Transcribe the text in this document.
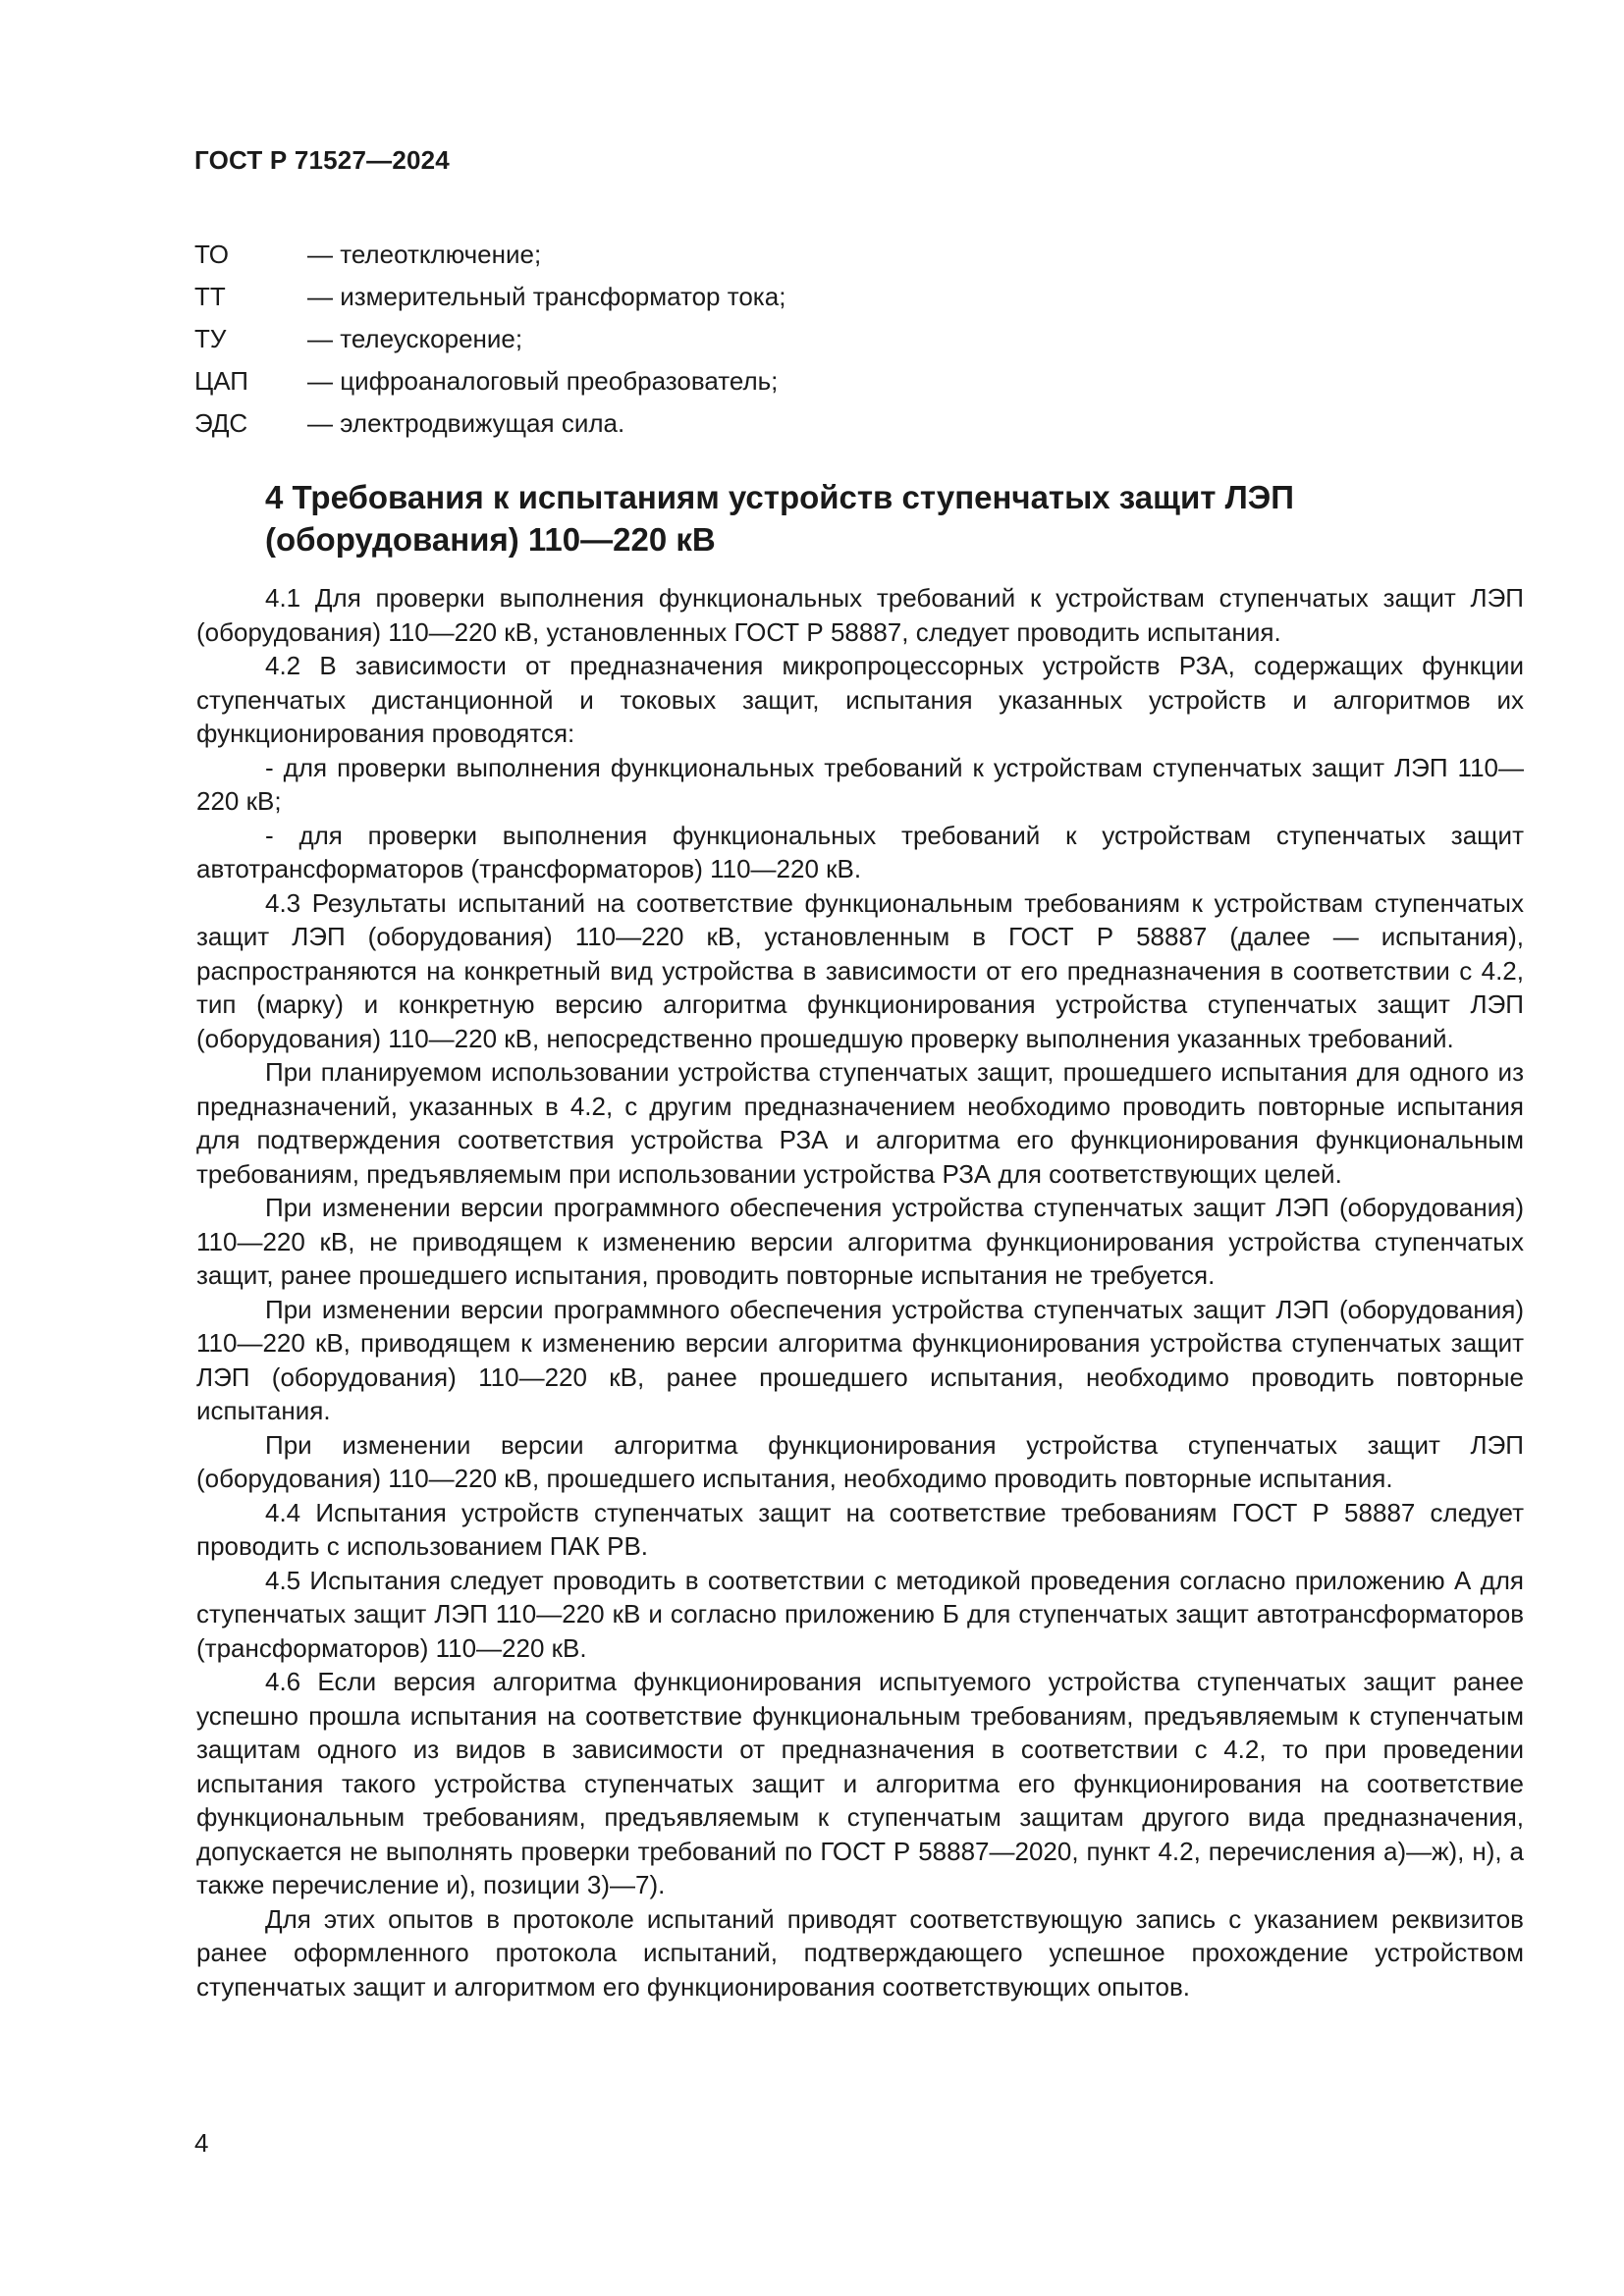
ГОСТ Р 71527—2024
ТО	— телеотключение;
ТТ	— измерительный трансформатор тока;
ТУ	— телеускорение;
ЦАП — цифроаналоговый преобразователь;
ЭДС — электродвижущая сила.
4 Требования к испытаниям устройств ступенчатых защит ЛЭП (оборудования) 110—220 кВ

4.1 Для проверки выполнения функциональных требований к устройствам ступенчатых защит ЛЭП (оборудования) 110—220 кВ, установленных ГОСТ Р 58887, следует проводить испытания.

4.2 В зависимости от предназначения микропроцессорных устройств РЗА, содержащих функции ступенчатых дистанционной и токовых защит, испытания указанных устройств и алгоритмов их функционирования проводятся:

- для проверки выполнения функциональных требований к устройствам ступенчатых защит ЛЭП 110—220 кВ;

- для проверки выполнения функциональных требований к устройствам ступенчатых защит автотрансформаторов (трансформаторов) 110—220 кВ.

4.3 Результаты испытаний на соответствие функциональным требованиям к устройствам ступенчатых защит ЛЭП (оборудования) 110—220 кВ, установленным в ГОСТ Р 58887 (далее — испытания), распространяются на конкретный вид устройства в зависимости от его предназначения в соответствии с 4.2, тип (марку) и конкретную версию алгоритма функционирования устройства ступенчатых защит ЛЭП (оборудования) 110—220 кВ, непосредственно прошедшую проверку выполнения указанных требований.

При планируемом использовании устройства ступенчатых защит, прошедшего испытания для одного из предназначений, указанных в 4.2, с другим предназначением необходимо проводить повторные испытания для подтверждения соответствия устройства РЗА и алгоритма его функционирования функциональным требованиям, предъявляемым при использовании устройства РЗА для соответствующих целей.

При изменении версии программного обеспечения устройства ступенчатых защит ЛЭП (оборудования) 110—220 кВ, не приводящем к изменению версии алгоритма функционирования устройства ступенчатых защит, ранее прошедшего испытания, проводить повторные испытания не требуется.

При изменении версии программного обеспечения устройства ступенчатых защит ЛЭП (оборудования) 110—220 кВ, приводящем к изменению версии алгоритма функционирования устройства ступенчатых защит ЛЭП (оборудования) 110—220 кВ, ранее прошедшего испытания, необходимо проводить повторные испытания.

При изменении версии алгоритма функционирования устройства ступенчатых защит ЛЭП (оборудования) 110—220 кВ, прошедшего испытания, необходимо проводить повторные испытания.

4.4 Испытания устройств ступенчатых защит на соответствие требованиям ГОСТ Р 58887 следует проводить с использованием ПАК РВ.

4.5 Испытания следует проводить в соответствии с методикой проведения согласно приложению А для ступенчатых защит ЛЭП 110—220 кВ и согласно приложению Б для ступенчатых защит автотрансформаторов (трансформаторов) 110—220 кВ.

4.6 Если версия алгоритма функционирования испытуемого устройства ступенчатых защит ранее успешно прошла испытания на соответствие функциональным требованиям, предъявляемым к ступенчатым защитам одного из видов в зависимости от предназначения в соответствии с 4.2, то при проведении испытания такого устройства ступенчатых защит и алгоритма его функционирования на соответствие функциональным требованиям, предъявляемым к ступенчатым защитам другого вида предназначения, допускается не выполнять проверки требований по ГОСТ Р 58887—2020, пункт 4.2, перечисления а)—ж), н), а также перечисление и), позиции 3)—7).

Для этих опытов в протоколе испытаний приводят соответствующую запись с указанием реквизитов ранее оформленного протокола испытаний, подтверждающего успешное прохождение устройством ступенчатых защит и алгоритмом его функционирования соответствующих опытов.

4
